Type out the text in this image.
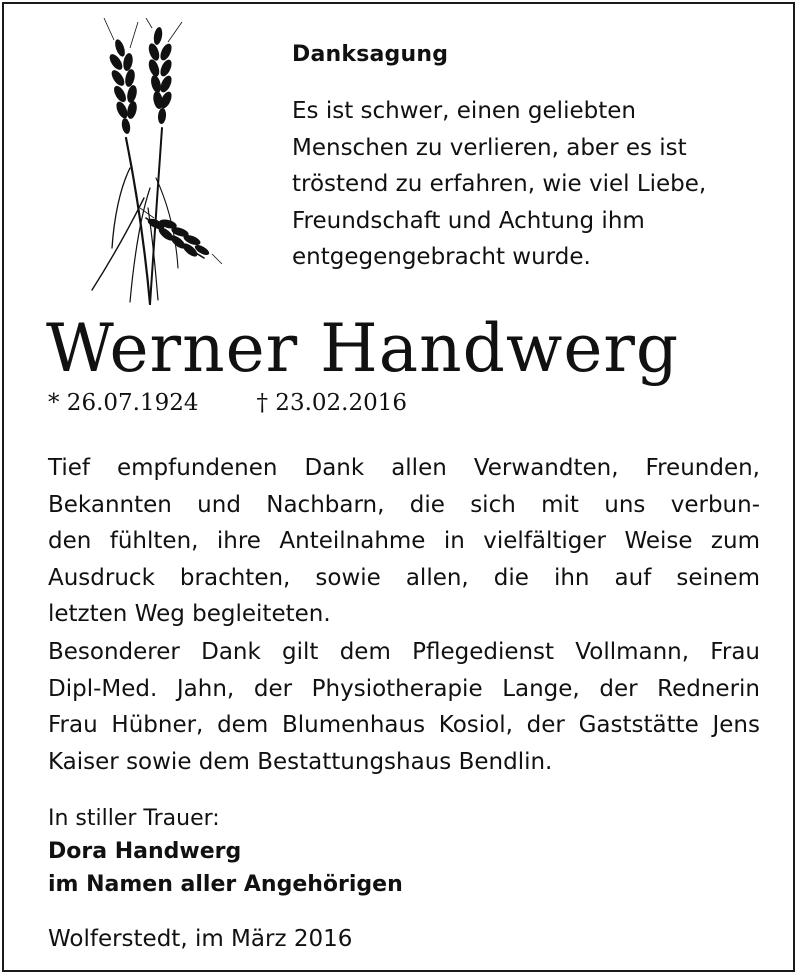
Danksagung
Es ist schwer, einen geliebten
Menschen zu verlieren, aber es ist
tröstend zu erfahren, wie viel Liebe,
Freundschaft und Achtung ihm
entgegengebracht wurde.
Werner Handwerg
* 26.07.1924	† 23.02.2016
Tief empfundenen Dank allen Verwandten, Freunden,
Bekannten und Nachbarn, die sich mit uns verbun-
den fühlten, ihre Anteilnahme in vielfältiger Weise zum
Ausdruck brachten, sowie allen, die ihn auf seinem
letzten Weg begleiteten.
Besonderer Dank gilt dem Pflegedienst Vollmann, Frau
Dipl-Med. Jahn, der Physiotherapie Lange, der Rednerin
Frau Hübner, dem Blumenhaus Kosiol, der Gaststätte Jens
Kaiser sowie dem Bestattungshaus Bendlin.
In stiller Trauer:
Dora Handwerg
im Namen aller Angehörigen
Wolferstedt, im März 2016
